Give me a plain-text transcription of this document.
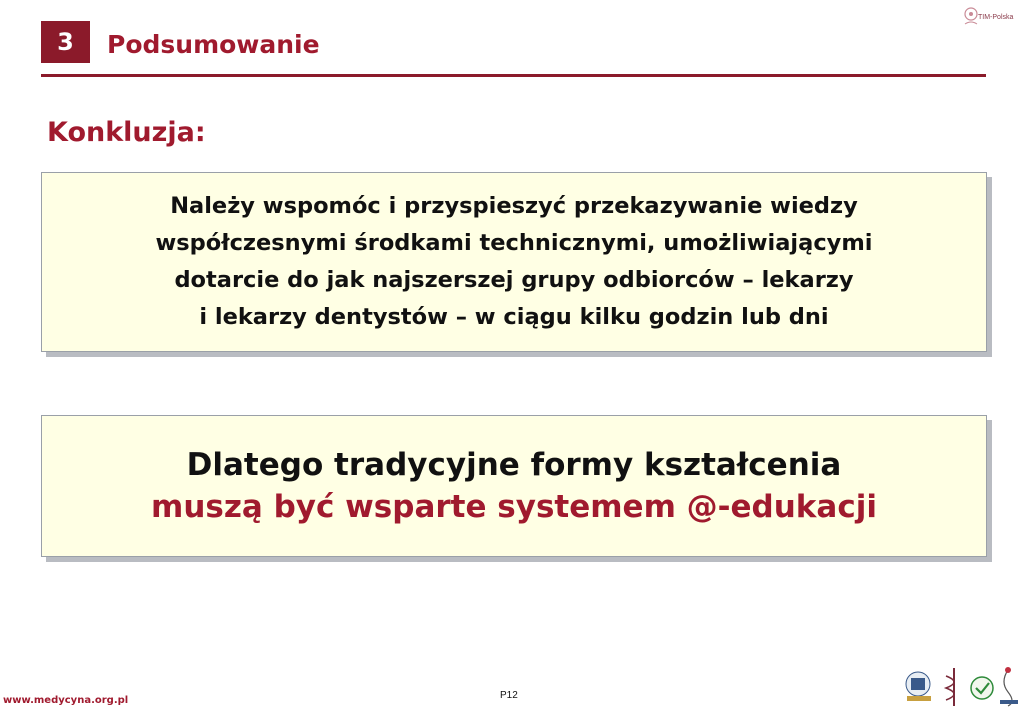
3	Podsumowanie
TIM-Polska
Konkluzja:
Należy wspomóc i przyspieszyć przekazywanie wiedzy
współczesnymi środkami technicznymi, umożliwiającymi
dotarcie do jak najszerszej grupy odbiorców – lekarzy
i lekarzy dentystów – w ciągu kilku godzin lub dni
Dlatego tradycyjne formy kształcenia
muszą być wsparte systemem @-edukacji
www.medycyna.org.pl	P12
